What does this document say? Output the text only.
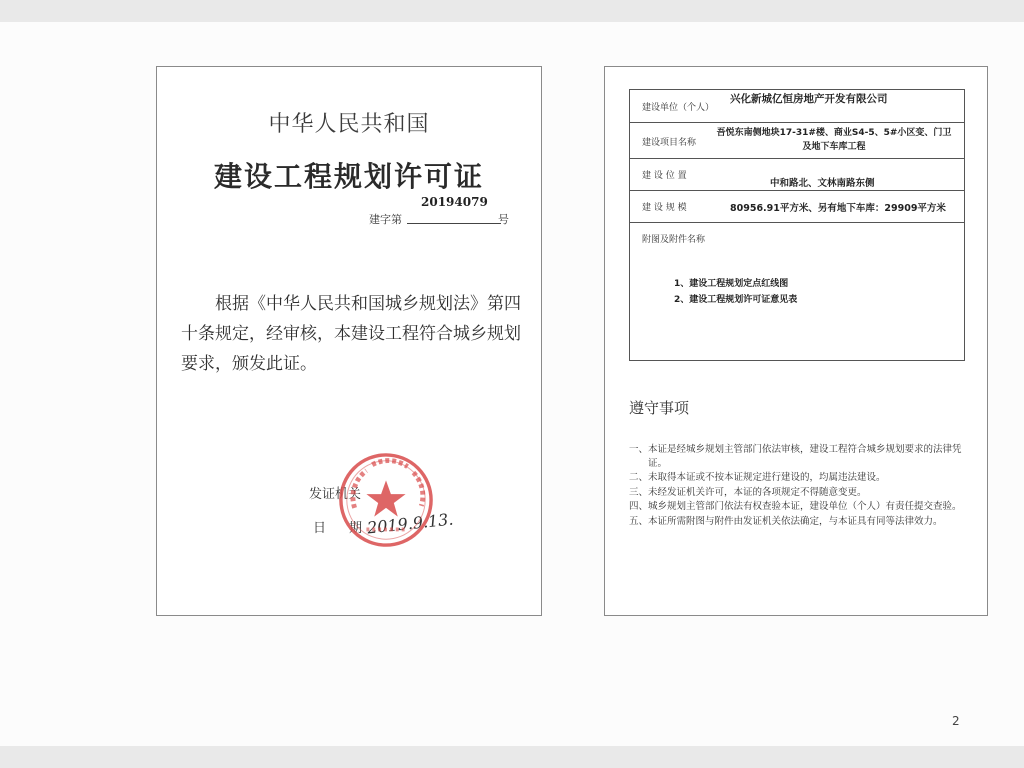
中华人民共和国
建设工程规划许可证
建字第
20194079
号
根据《中华人民共和国城乡规划法》第四十条规定，经审核，本建设工程符合城乡规划要求，颁发此证。
发证机关
日 期 2019.9.13.
建设单位（个人）
兴化新城亿恒房地产开发有限公司
建设项目名称
吾悦东南侧地块17-31#楼、商业S4-5、5#小区变、门卫
及地下车库工程
建 设 位 置
中和路北、文林南路东侧
建 设 规 模	80956.91平方米、另有地下车库：29909平方米
附图及附件名称
1、建设工程规划定点红线图
2、建设工程规划许可证意见表
遵守事项
一、 本证是经城乡规划主管部门依法审核，建设工程符合城乡规划要求的法律凭证。
二、 未取得本证或不按本证规定进行建设的，均属违法建设。
三、 未经发证机关许可，本证的各项规定不得随意变更。
四、 城乡规划主管部门依法有权查验本证，建设单位（个人）有责任提交查验。
五、 本证所需附图与附件由发证机关依法确定，与本证具有同等法律效力。
2
